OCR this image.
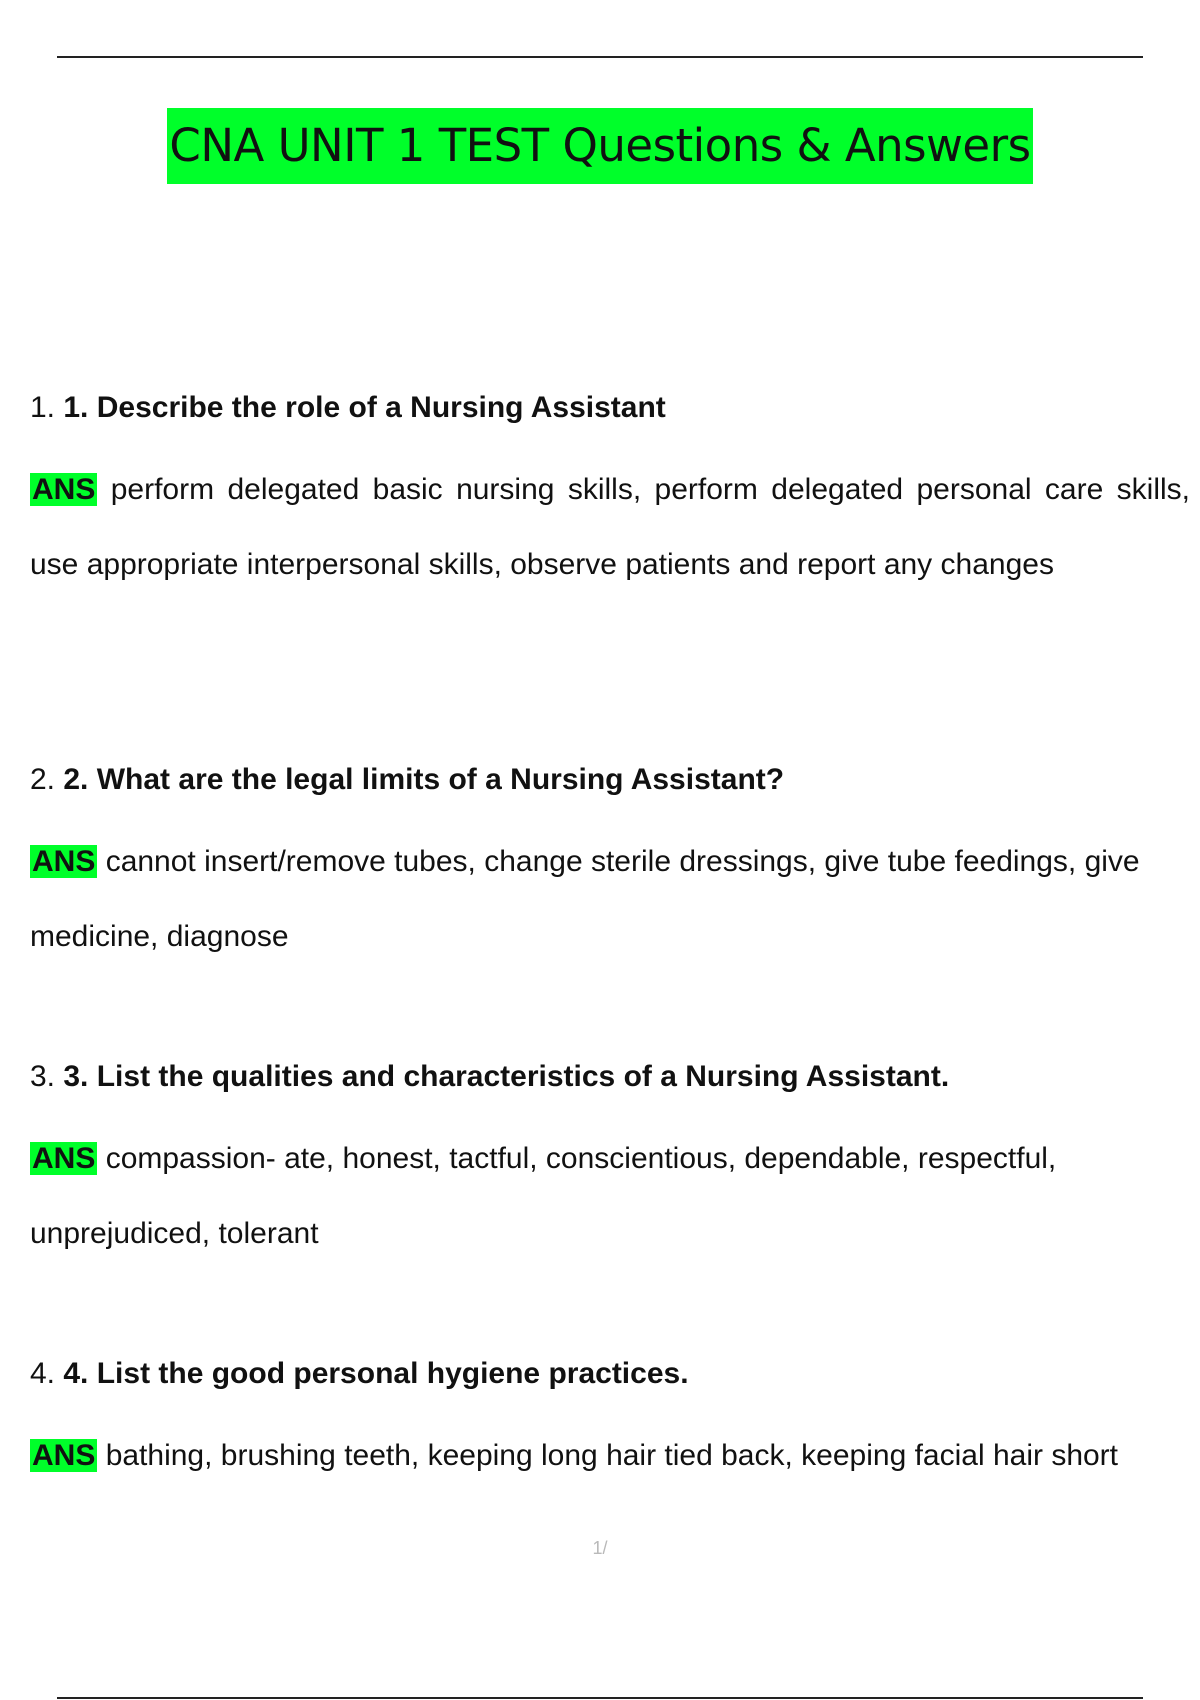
CNA UNIT 1 TEST Questions & Answers

1. 1. Describe the role of a Nursing Assistant

ANS perform delegated basic nursing skills, perform delegated personal care skills, use appropriate interpersonal skills, observe patients and report any changes

2. 2. What are the legal limits of a Nursing Assistant?

ANS cannot insert/remove tubes, change sterile dressings, give tube feedings, give medicine, diagnose

3. 3. List the qualities and characteristics of a Nursing Assistant.

ANS compassion- ate, honest, tactful, conscientious, dependable, respectful, unprejudiced, tolerant

4. 4. List the good personal hygiene practices.

ANS bathing, brushing teeth, keeping long hair tied back, keeping facial hair short

1/
